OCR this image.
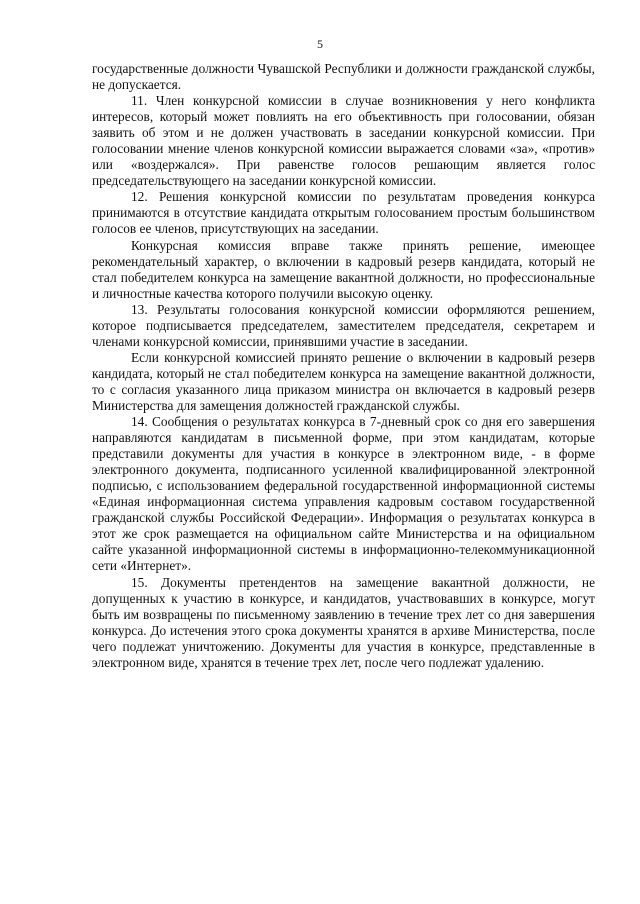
5

государственные должности Чувашской Республики и должности гражданской службы, не допускается.

11. Член конкурсной комиссии в случае возникновения у него конфликта интересов, который может повлиять на его объективность при голосовании, обязан заявить об этом и не должен участвовать в заседании конкурсной комиссии. При голосовании мнение членов конкурсной комиссии выражается словами «за», «против» или «воздержался». При равенстве голосов решающим является голос председательствующего на заседании конкурсной комиссии.

12. Решения конкурсной комиссии по результатам проведения конкурса принимаются в отсутствие кандидата открытым голосованием простым большинством голосов ее членов, присутствующих на заседании.

Конкурсная комиссия вправе также принять решение, имеющее рекомендательный характер, о включении в кадровый резерв кандидата, который не стал победителем конкурса на замещение вакантной должности, но профессиональные и личностные качества которого получили высокую оценку.

13. Результаты голосования конкурсной комиссии оформляются решением, которое подписывается председателем, заместителем председателя, секретарем и членами конкурсной комиссии, принявшими участие в заседании.

Если конкурсной комиссией принято решение о включении в кадровый резерв кандидата, который не стал победителем конкурса на замещение вакантной должности, то с согласия указанного лица приказом министра он включается в кадровый резерв Министерства для замещения должностей гражданской службы.

14. Сообщения о результатах конкурса в 7-дневный срок со дня его завершения направляются кандидатам в письменной форме, при этом кандидатам, которые представили документы для участия в конкурсе в электронном виде, - в форме электронного документа, подписанного усиленной квалифицированной электронной подписью, с использованием федеральной государственной информационной системы «Единая информационная система управления кадровым составом государственной гражданской службы Российской Федерации». Информация о результатах конкурса в этот же срок размещается на официальном сайте Министерства и на официальном сайте указанной информационной системы в информационно-телекоммуникационной сети «Интернет».

15. Документы претендентов на замещение вакантной должности, не допущенных к участию в конкурсе, и кандидатов, участвовавших в конкурсе, могут быть им возвращены по письменному заявлению в течение трех лет со дня завершения конкурса. До истечения этого срока документы хранятся в архиве Министерства, после чего подлежат уничтожению. Документы для участия в конкурсе, представленные в электронном виде, хранятся в течение трех лет, после чего подлежат удалению.
